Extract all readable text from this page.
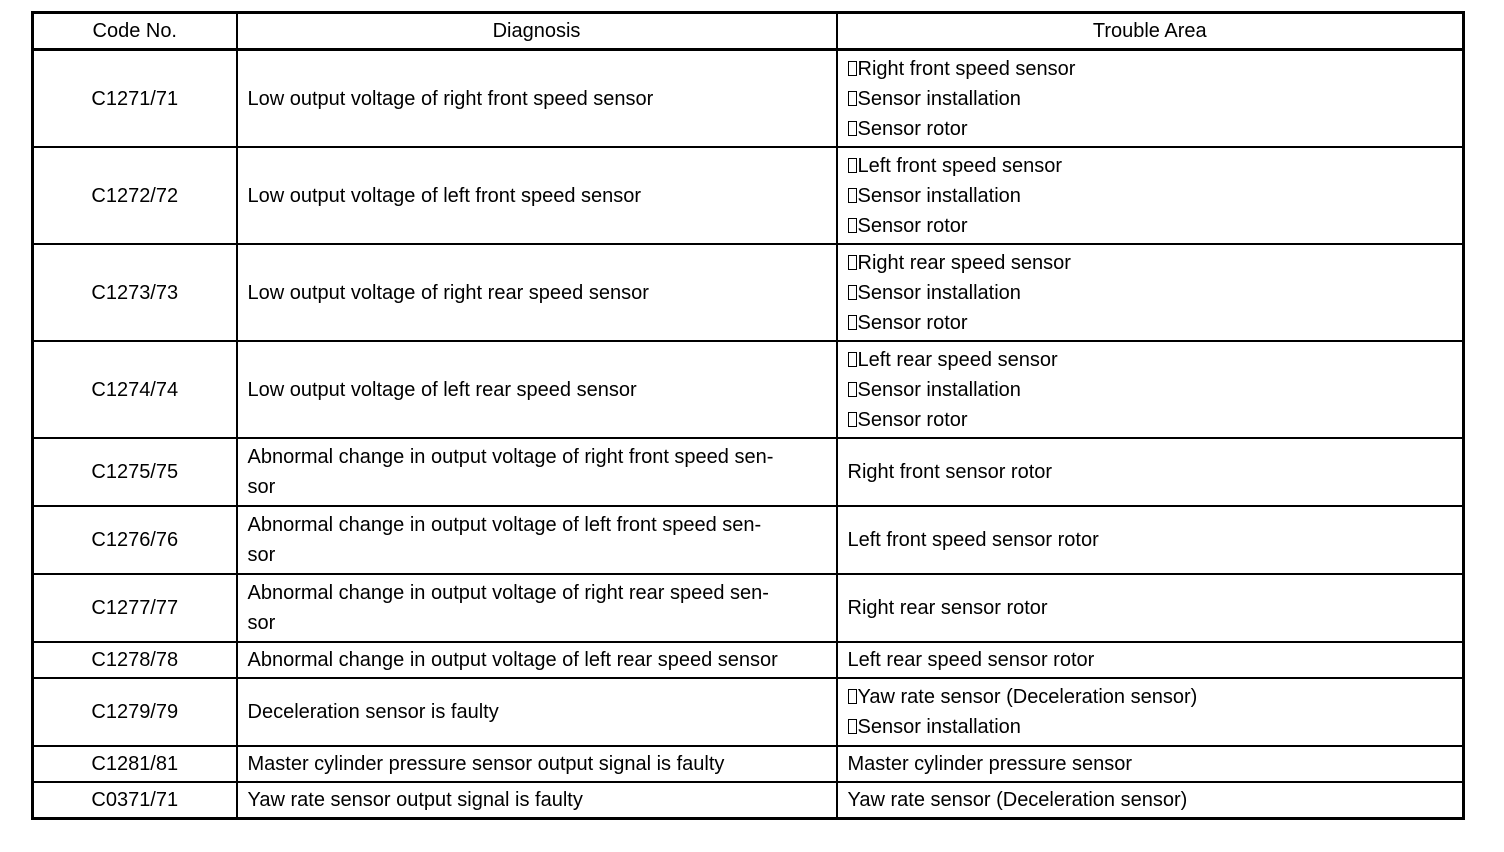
Code No.	Diagnosis	Trouble Area
C1271/71	Low output voltage of right front speed sensor	Right front speed sensor
Sensor installation
Sensor rotor

C1272/72	Low output voltage of left front speed sensor	Left front speed sensor
Sensor installation
Sensor rotor

C1273/73	Low output voltage of right rear speed sensor	Right rear speed sensor
Sensor installation
Sensor rotor

C1274/74	Low output voltage of left rear speed sensor	Left rear speed sensor
Sensor installation
Sensor rotor

C1275/75	Abnormal change in output voltage of right front speed sen-
sor	Right front sensor rotor
C1276/76	Abnormal change in output voltage of left front speed sen-
sor	Left front speed sensor rotor
C1277/77	Abnormal change in output voltage of right rear speed sen-
sor	Right rear sensor rotor
C1278/78	Abnormal change in output voltage of left rear speed sensor	Left rear speed sensor rotor
C1279/79	Deceleration sensor is faulty	Yaw rate sensor (Deceleration sensor)
Sensor installation

C1281/81	Master cylinder pressure sensor output signal is faulty	Master cylinder pressure sensor
C0371/71	Yaw rate sensor output signal is faulty	Yaw rate sensor (Deceleration sensor)
